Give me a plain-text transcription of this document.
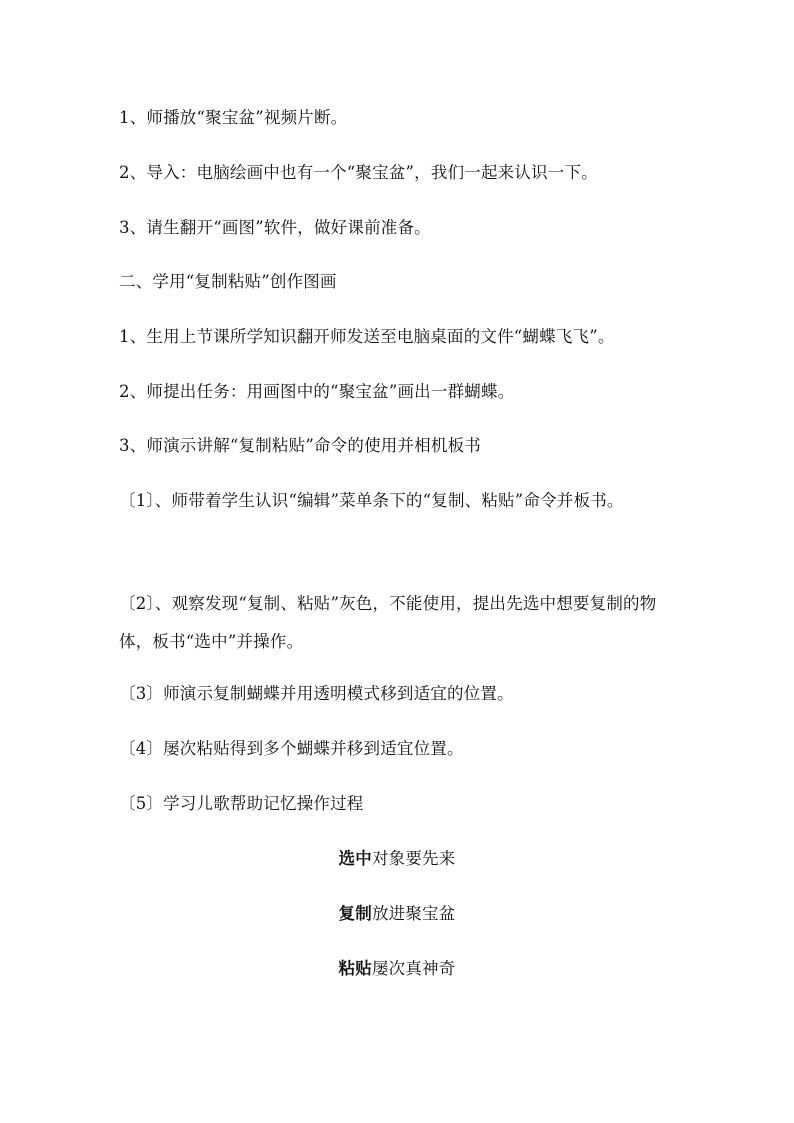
1、师播放“聚宝盆”视频片断。
2、导入：电脑绘画中也有一个“聚宝盆”，我们一起来认识一下。
3、请生翻开“画图”软件，做好课前准备。
二、学用“复制粘贴”创作图画
1、生用上节课所学知识翻开师发送至电脑桌面的文件“蝴蝶飞飞”。
2、师提出任务：用画图中的“聚宝盆”画出一群蝴蝶。
3、师演示讲解“复制粘贴”命令的使用并相机板书
〔1〕、师带着学生认识“编辑”菜单条下的“复制、粘贴”命令并板书。
〔2〕、观察发现“复制、粘贴”灰色，不能使用，提出先选中想要复制的物体，板书“选中”并操作。
〔3〕师演示复制蝴蝶并用透明模式移到适宜的位置。
〔4〕屡次粘贴得到多个蝴蝶并移到适宜位置。
〔5〕学习儿歌帮助记忆操作过程
选中对象要先来
复制放进聚宝盆
粘贴屡次真神奇
